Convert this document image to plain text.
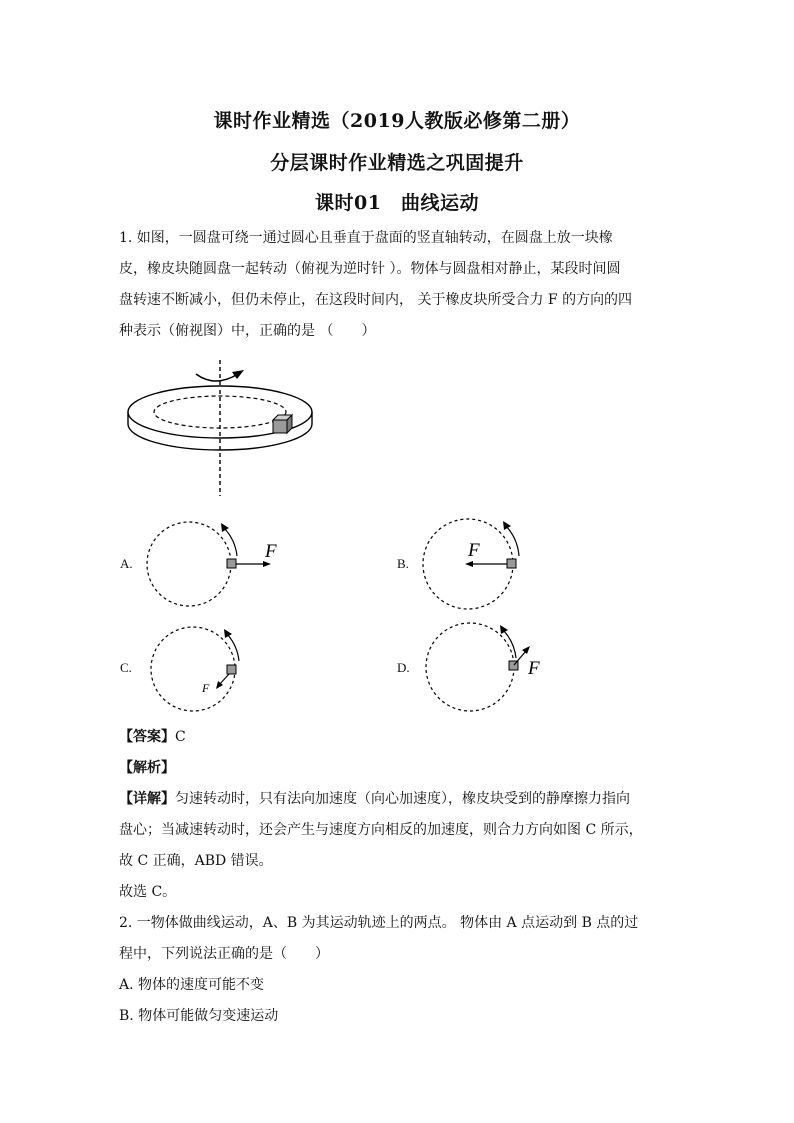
课时作业精选（2019人教版必修第二册）
分层课时作业精选之巩固提升
课时01　曲线运动
1. 如图，一圆盘可绕一通过圆心且垂直于盘面的竖直轴转动，在圆盘上放一块橡
皮，橡皮块随圆盘一起转动（俯视为逆时针 ）。物体与圆盘相对静止，某段时间圆
盘转速不断减小，但仍未停止，在这段时间内， 关于橡皮块所受合力 F 的方向的四
种表示（俯视图）中，正确的是 （　　）
A.
F
B.
F
C.
F
D.	F
【答案】C
【解析】
【详解】匀速转动时，只有法向加速度（向心加速度），橡皮块受到的静摩擦力指向
盘心；当减速转动时，还会产生与速度方向相反的加速度，则合力方向如图 C 所示，
故 C 正确，ABD 错误。
故选 C。
2. 一物体做曲线运动，A、B 为其运动轨迹上的两点。 物体由 A 点运动到 B 点的过
程中，下列说法正确的是（　　）
A. 物体的速度可能不变
B. 物体可能做匀变速运动
